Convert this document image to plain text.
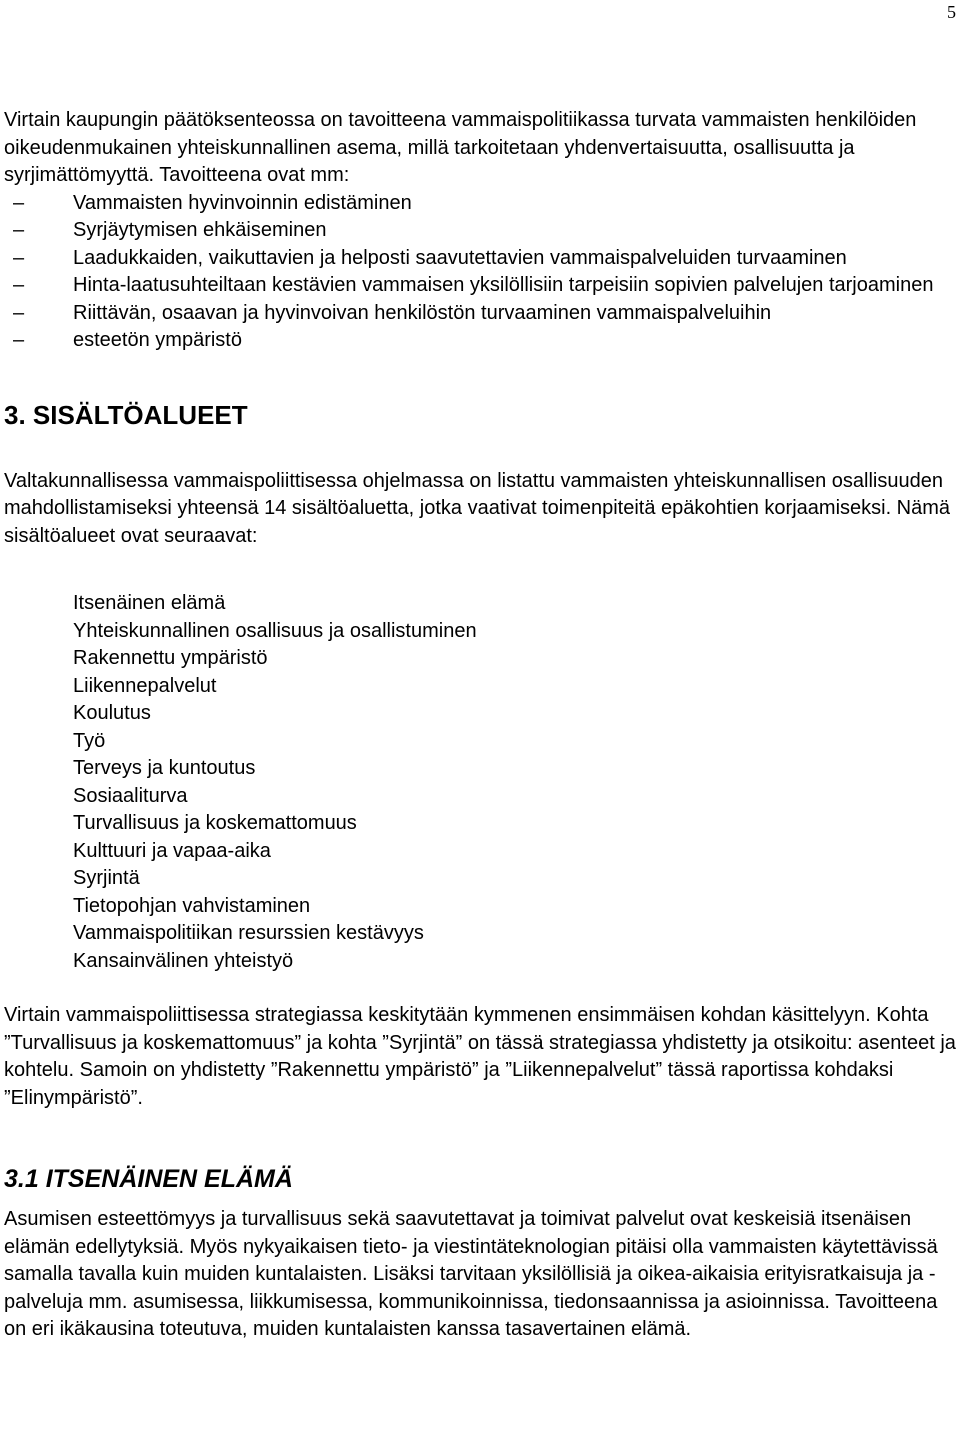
5

Virtain kaupungin päätöksenteossa on tavoitteena vammaispolitiikassa turvata vammaisten henkilöiden oikeudenmukainen yhteiskunnallinen asema, millä tarkoitetaan yhdenvertaisuutta, osallisuutta ja syrjimättömyyttä. Tavoitteena ovat mm:

– Vammaisten hyvinvoinnin edistäminen
– Syrjäytymisen ehkäiseminen
– Laadukkaiden, vaikuttavien ja helposti saavutettavien vammaispalveluiden turvaaminen
– Hinta-laatusuhteiltaan kestävien vammaisen yksilöllisiin tarpeisiin sopivien palvelujen tarjoaminen
– Riittävän, osaavan ja hyvinvoivan henkilöstön turvaaminen vammaispalveluihin
– esteetön ympäristö
3. SISÄLTÖALUEET

Valtakunnallisessa vammaispoliittisessa ohjelmassa on listattu vammaisten yhteiskunnallisen osallisuuden mahdollistamiseksi yhteensä 14 sisältöaluetta, jotka vaativat toimenpiteitä epäkohtien korjaamiseksi. Nämä sisältöalueet ovat seuraavat:

Itsenäinen elämä
Yhteiskunnallinen osallisuus ja osallistuminen
Rakennettu ympäristö
Liikennepalvelut
Koulutus
Työ
Terveys ja kuntoutus
Sosiaaliturva
Turvallisuus ja koskemattomuus
Kulttuuri ja vapaa-aika
Syrjintä
Tietopohjan vahvistaminen
Vammaispolitiikan resurssien kestävyys
Kansainvälinen yhteistyö

Virtain vammaispoliittisessa strategiassa keskitytään kymmenen ensimmäisen kohdan käsittelyyn. Kohta ”Turvallisuus ja koskemattomuus” ja kohta ”Syrjintä” on tässä strategiassa yhdistetty ja otsikoitu: asenteet ja kohtelu. Samoin on yhdistetty ”Rakennettu ympäristö” ja ”Liikennepalvelut” tässä raportissa kohdaksi ”Elinympäristö”.

3.1 ITSENÄINEN ELÄMÄ

Asumisen esteettömyys ja turvallisuus sekä saavutettavat ja toimivat palvelut ovat keskeisiä itsenäisen elämän edellytyksiä. Myös nykyaikaisen tieto- ja viestintäteknologian pitäisi olla vammaisten käytettävissä samalla tavalla kuin muiden kuntalaisten. Lisäksi tarvitaan yksilöllisiä ja oikea-aikaisia erityisratkaisuja ja -palveluja mm. asumisessa, liikkumisessa, kommunikoinnissa, tiedonsaannissa ja asioinnissa. Tavoitteena on eri ikäkausina toteutuva, muiden kuntalaisten kanssa tasavertainen elämä.
